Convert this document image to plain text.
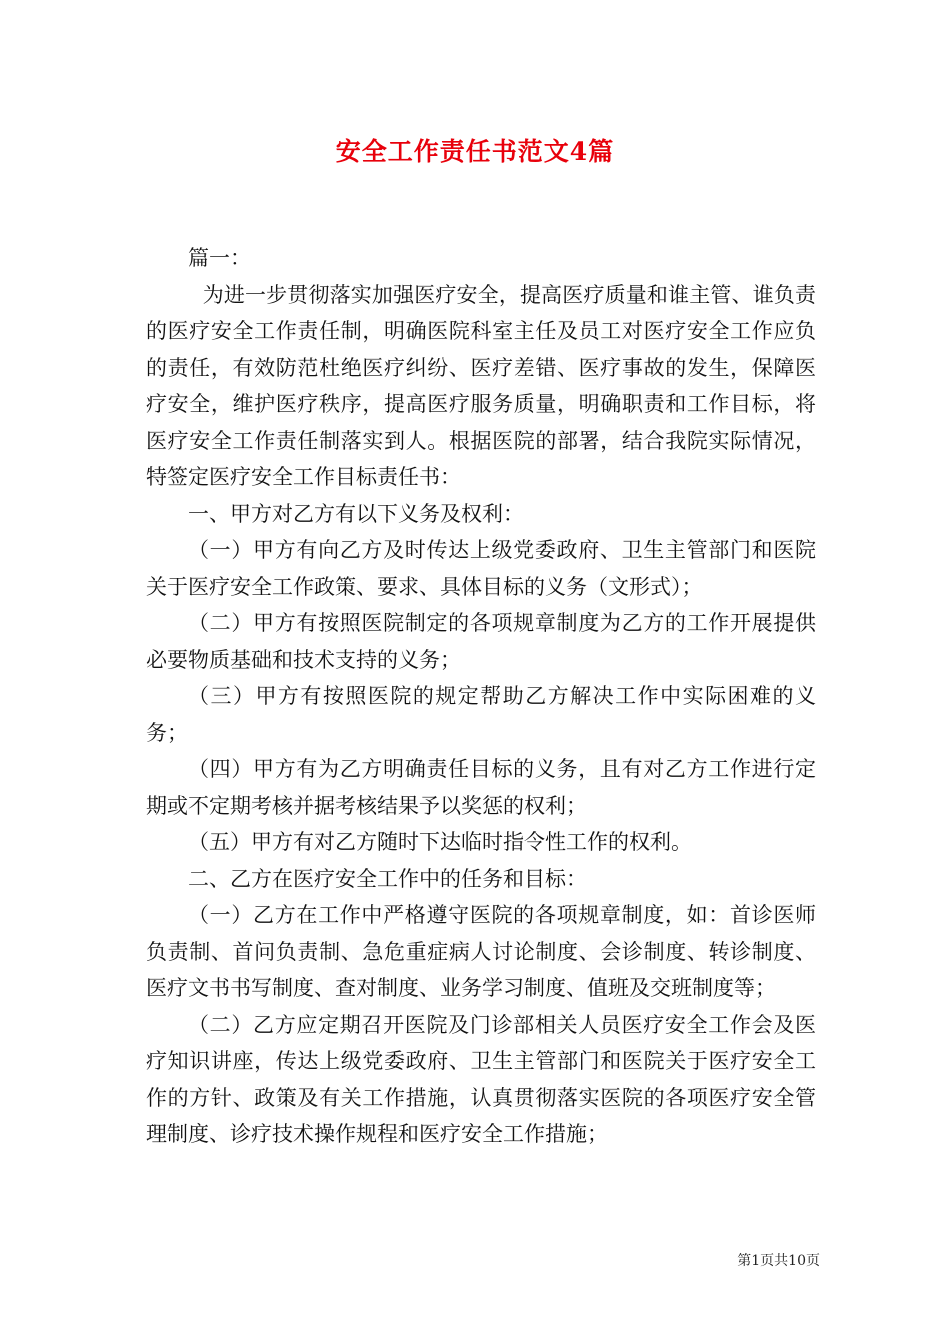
安全工作责任书范文4篇

篇一：

为进一步贯彻落实加强医疗安全，提高医疗质量和谁主管、谁负责的医疗安全工作责任制，明确医院科室主任及员工对医疗安全工作应负的责任，有效防范杜绝医疗纠纷、医疗差错、医疗事故的发生，保障医疗安全，维护医疗秩序，提高医疗服务质量，明确职责和工作目标，将医疗安全工作责任制落实到人。根据医院的部署，结合我院实际情况，特签定医疗安全工作目标责任书：

一、甲方对乙方有以下义务及权利：

（一）甲方有向乙方及时传达上级党委政府、卫生主管部门和医院关于医疗安全工作政策、要求、具体目标的义务（文形式）；

（二）甲方有按照医院制定的各项规章制度为乙方的工作开展提供必要物质基础和技术支持的义务；

（三）甲方有按照医院的规定帮助乙方解决工作中实际困难的义务；

（四）甲方有为乙方明确责任目标的义务，且有对乙方工作进行定期或不定期考核并据考核结果予以奖惩的权利；

（五）甲方有对乙方随时下达临时指令性工作的权利。

二、乙方在医疗安全工作中的任务和目标：

（一）乙方在工作中严格遵守医院的各项规章制度，如：首诊医师负责制、首问负责制、急危重症病人讨论制度、会诊制度、转诊制度、医疗文书书写制度、查对制度、业务学习制度、值班及交班制度等；

（二）乙方应定期召开医院及门诊部相关人员医疗安全工作会及医疗知识讲座，传达上级党委政府、卫生主管部门和医院关于医疗安全工作的方针、政策及有关工作措施，认真贯彻落实医院的各项医疗安全管理制度、诊疗技术操作规程和医疗安全工作措施；

第1页共10页
